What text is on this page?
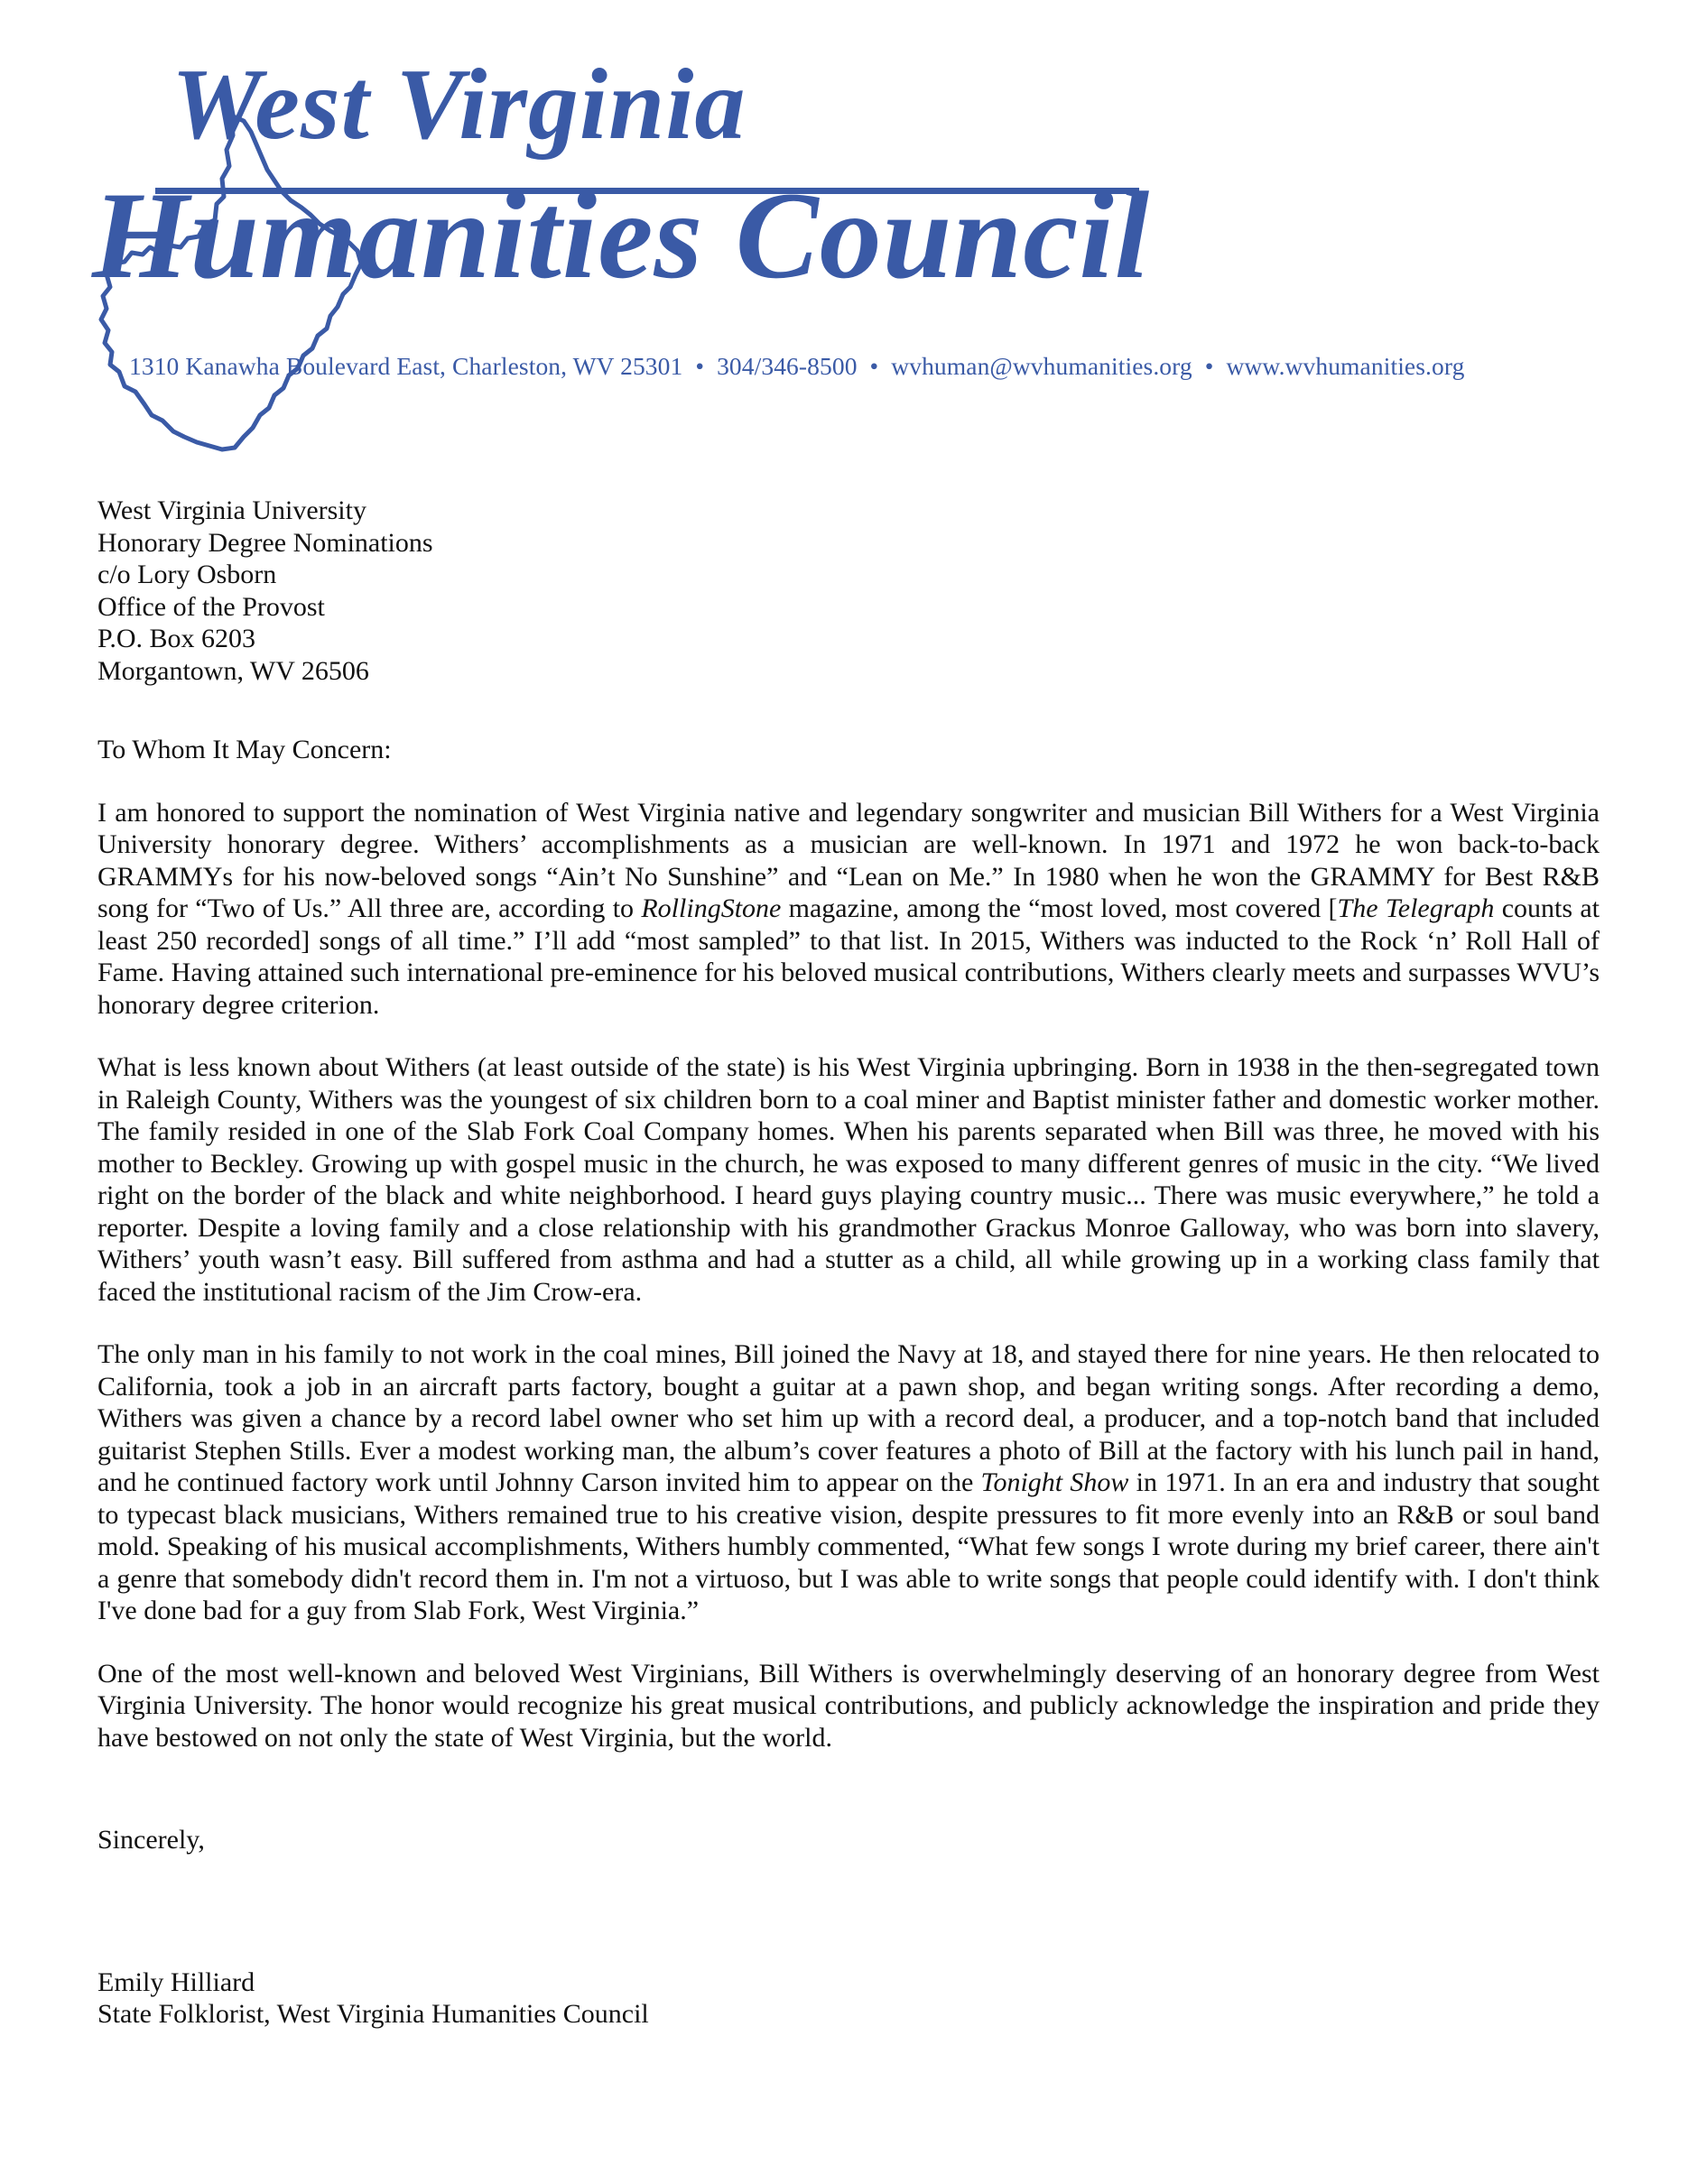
West Virginia
Humanities Council
1310 Kanawha Boulevard East, Charleston, WV 25301 • 304/346-8500 • wvhuman@wvhumanities.org • www.wvhumanities.org
West Virginia University
Honorary Degree Nominations
c/o Lory Osborn
Office of the Provost
P.O. Box 6203
Morgantown, WV 26506
To Whom It May Concern:

I am honored to support the nomination of West Virginia native and legendary songwriter and musician Bill Withers for a West Virginia University honorary degree. Withers’ accomplishments as a musician are well-known. In 1971 and 1972 he won back-to-back GRAMMYs for his now-beloved songs “Ain’t No Sunshine” and “Lean on Me.” In 1980 when he won the GRAMMY for Best R&B song for “Two of Us.” All three are, according to RollingStone magazine, among the “most loved, most covered [The Telegraph counts at least 250 recorded] songs of all time.” I’ll add “most sampled” to that list. In 2015, Withers was inducted to the Rock ‘n’ Roll Hall of Fame. Having attained such international pre-eminence for his beloved musical contributions, Withers clearly meets and surpasses WVU’s honorary degree criterion.

What is less known about Withers (at least outside of the state) is his West Virginia upbringing. Born in 1938 in the then-segregated town in Raleigh County, Withers was the youngest of six children born to a coal miner and Baptist minister father and domestic worker mother. The family resided in one of the Slab Fork Coal Company homes. When his parents separated when Bill was three, he moved with his mother to Beckley. Growing up with gospel music in the church, he was exposed to many different genres of music in the city. “We lived right on the border of the black and white neighborhood. I heard guys playing country music... There was music everywhere,” he told a reporter. Despite a loving family and a close relationship with his grandmother Grackus Monroe Galloway, who was born into slavery, Withers’ youth wasn’t easy. Bill suffered from asthma and had a stutter as a child, all while growing up in a working class family that faced the institutional racism of the Jim Crow-era.

The only man in his family to not work in the coal mines, Bill joined the Navy at 18, and stayed there for nine years. He then relocated to California, took a job in an aircraft parts factory, bought a guitar at a pawn shop, and began writing songs. After recording a demo, Withers was given a chance by a record label owner who set him up with a record deal, a producer, and a top-notch band that included guitarist Stephen Stills. Ever a modest working man, the album’s cover features a photo of Bill at the factory with his lunch pail in hand, and he continued factory work until Johnny Carson invited him to appear on the Tonight Show in 1971. In an era and industry that sought to typecast black musicians, Withers remained true to his creative vision, despite pressures to fit more evenly into an R&B or soul band mold. Speaking of his musical accomplishments, Withers humbly commented, “What few songs I wrote during my brief career, there ain't a genre that somebody didn't record them in. I'm not a virtuoso, but I was able to write songs that people could identify with. I don't think I've done bad for a guy from Slab Fork, West Virginia.”

One of the most well-known and beloved West Virginians, Bill Withers is overwhelmingly deserving of an honorary degree from West Virginia University. The honor would recognize his great musical contributions, and publicly acknowledge the inspiration and pride they have bestowed on not only the state of West Virginia, but the world.

Sincerely,
Emily Hilliard
State Folklorist, West Virginia Humanities Council
